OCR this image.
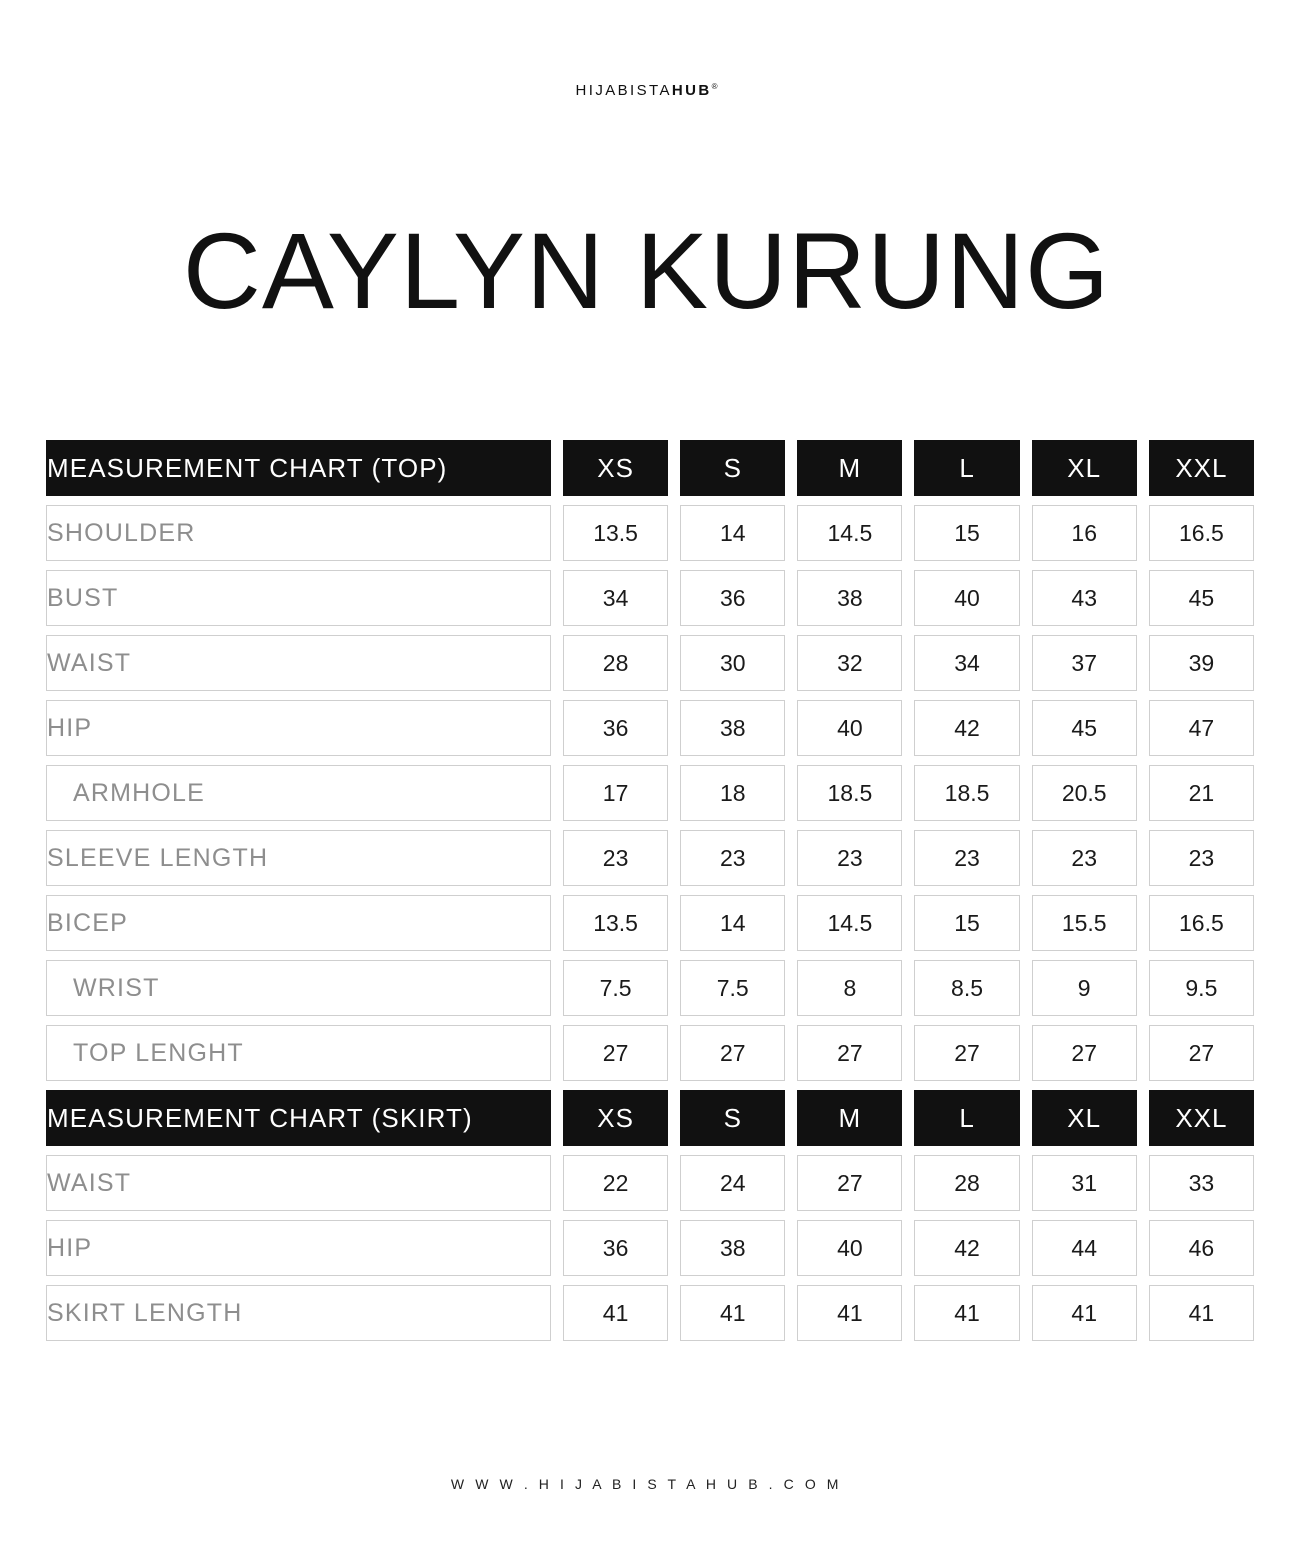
HIJABISTAHUB®
CAYLYN KURUNG
MEASUREMENT CHART (TOP)		XS		S		M		L		XL		XXL

SHOULDER		13.5		14		14.5		15		16		16.5

BUST		34		36		38		40		43		45

WAIST		28		30		32		34		37		39

HIP		36		38		40		42		45		47

ARMHOLE		17		18		18.5		18.5		20.5		21

SLEEVE LENGTH		23		23		23		23		23		23

BICEP		13.5		14		14.5		15		15.5		16.5

WRIST		7.5		7.5		8		8.5		9		9.5

TOP LENGHT		27		27		27		27		27		27

MEASUREMENT CHART (SKIRT)		XS		S		M		L		XL		XXL

WAIST		22		24		27		28		31		33

HIP		36		38		40		42		44		46

SKIRT LENGTH		41		41		41		41		41		41

W W W . H I J A B I S T A H U B . C O M
